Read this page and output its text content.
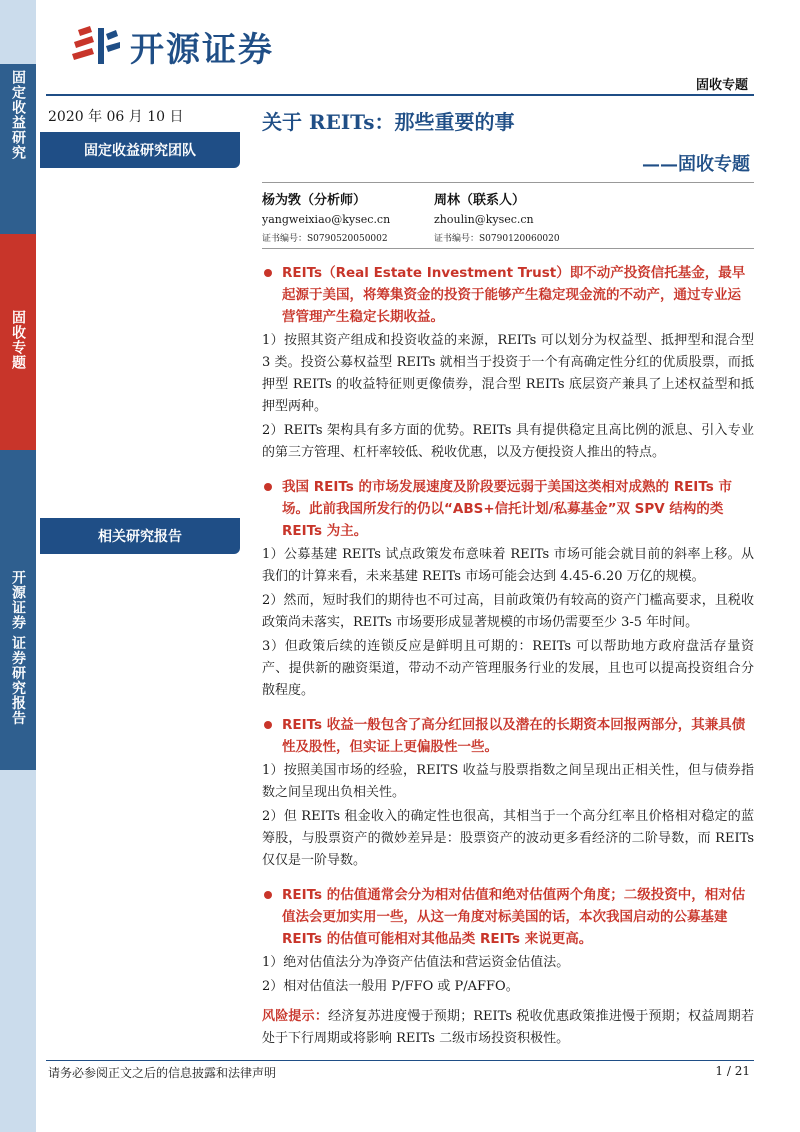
固定收益研究
固收专题
开源证券 证券研究报告
开源证券
固收专题
2020 年 06 月 10 日
固定收益研究团队
相关研究报告
关于 REITs：那些重要的事
——固收专题
杨为敩（分析师）
yangweixiao@kysec.cn
证书编号：S0790520050002
周林（联系人）
zhoulin@kysec.cn
证书编号：S0790120060020
REITs（Real Estate Investment Trust）即不动产投资信托基金，最早起源于美国，将筹集资金的投资于能够产生稳定现金流的不动产，通过专业运营管理产生稳定长期收益。
1）按照其资产组成和投资收益的来源，REITs 可以划分为权益型、抵押型和混合型 3 类。投资公募权益型 REITs 就相当于投资于一个有高确定性分红的优质股票，而抵押型 REITs 的收益特征则更像债券，混合型 REITs 底层资产兼具了上述权益型和抵押型两种。
2）REITs 架构具有多方面的优势。REITs 具有提供稳定且高比例的派息、引入专业的第三方管理、杠杆率较低、税收优惠，以及方便投资人推出的特点。
我国 REITs 的市场发展速度及阶段要远弱于美国这类相对成熟的 REITs 市场。此前我国所发行的仍以“ABS+信托计划/私募基金”双 SPV 结构的类 REITs 为主。
1）公募基建 REITs 试点政策发布意味着 REITs 市场可能会就目前的斜率上移。从我们的计算来看，未来基建 REITs 市场可能会达到 4.45-6.20 万亿的规模。
2）然而，短时我们的期待也不可过高，目前政策仍有较高的资产门槛高要求，且税收政策尚未落实，REITs 市场要形成显著规模的市场仍需要至少 3-5 年时间。
3）但政策后续的连锁反应是鲜明且可期的：REITs 可以帮助地方政府盘活存量资产、提供新的融资渠道，带动不动产管理服务行业的发展，且也可以提高投资组合分散程度。
REITs 收益一般包含了高分红回报以及潜在的长期资本回报两部分，其兼具债性及股性，但实证上更偏股性一些。
1）按照美国市场的经验，REITS 收益与股票指数之间呈现出正相关性，但与债券指数之间呈现出负相关性。
2）但 REITs 租金收入的确定性也很高，其相当于一个高分红率且价格相对稳定的蓝筹股，与股票资产的微妙差异是：股票资产的波动更多看经济的二阶导数，而 REITs 仅仅是一阶导数。
REITs 的估值通常会分为相对估值和绝对估值两个角度；二级投资中，相对估值法会更加实用一些，从这一角度对标美国的话，本次我国启动的公募基建 REITs 的估值可能相对其他品类 REITs 来说更高。
1）绝对估值法分为净资产估值法和营运资金估值法。
2）相对估值法一般用 P/FFO 或 P/AFFO。
风险提示：经济复苏进度慢于预期；REITs 税收优惠政策推进慢于预期；权益周期若处于下行周期或将影响 REITs 二级市场投资积极性。
请务必参阅正文之后的信息披露和法律声明	1 / 21
